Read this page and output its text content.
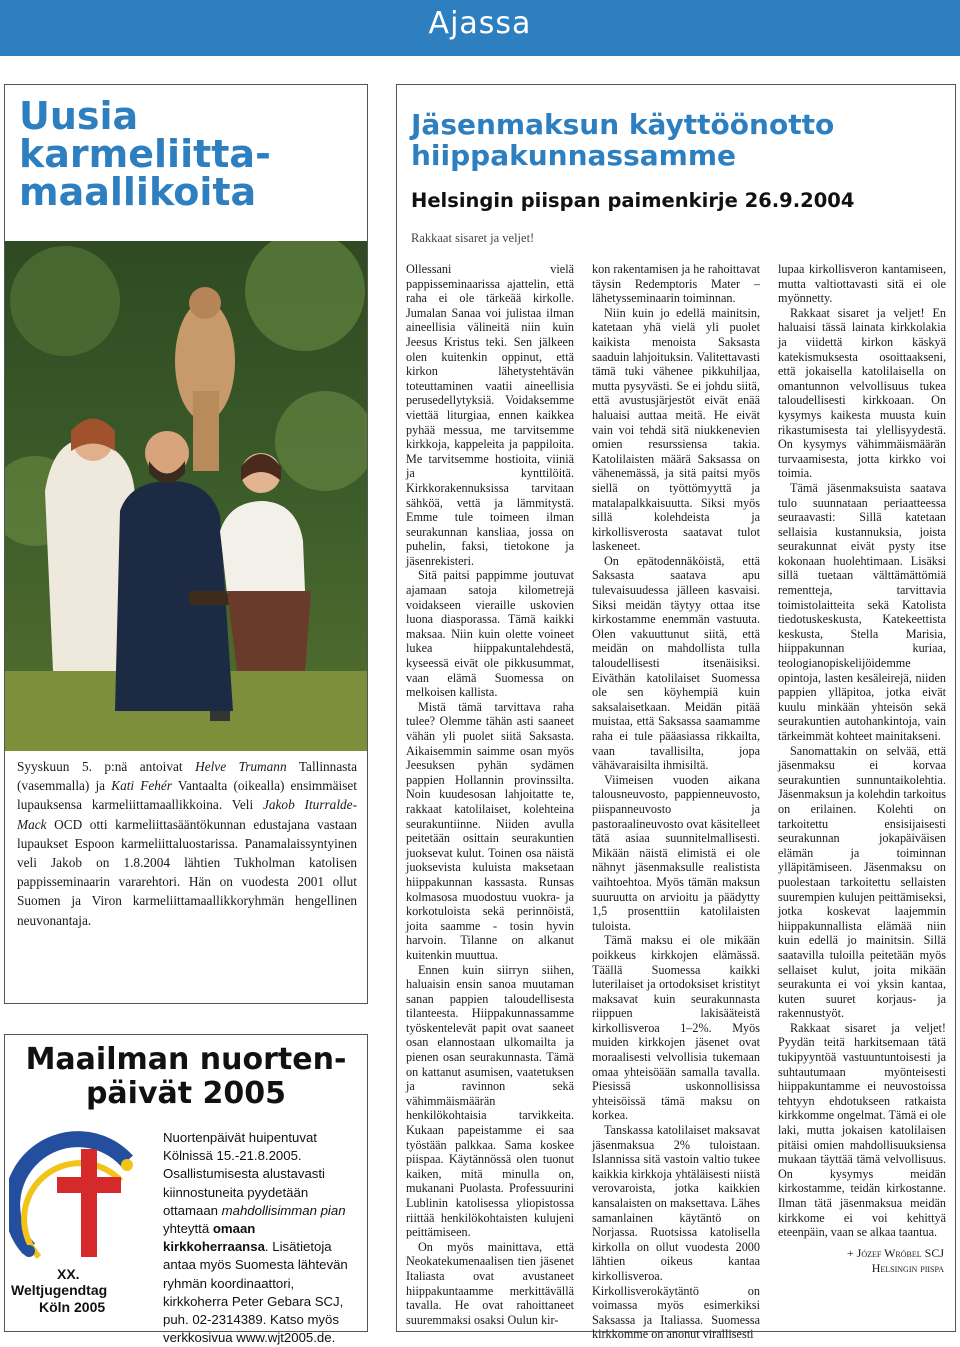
Ajassa
Uusia
karmeliitta-
maallikoita

Syyskuun 5. p:nä antoivat Helve Trumann Tallinnasta (vasemmalla) ja Kati Fehér Vantaalta (oikealla) ensimmäiset lupauksensa karmeliittamaallikkoina. Veli Jakob Iturralde-Mack OCD otti karmeliittasääntökunnan edustajana vastaan lupaukset Espoon karmeliittaluostarissa. Panamalaissyntyinen veli Jakob on 1.8.2004 lähtien Tukholman katolisen pappisseminaarin vararehtori. Hän on vuodesta 2001 ollut Suomen ja Viron karmeliittamaallikkoryhmän hengellinen neuvonantaja.

Maailman nuorten-
päivät 2005
XX.
Weltjugendtag
Köln 2005

Nuortenpäivät huipentuvat Kölnissä 15.-21.8.2005. Osallistumisesta alustavasti kiinnostuneita pyydetään ottamaan mahdollisimman pian yhteyttä omaan kirkkoherraansa. Lisätietoja antaa myös Suomesta lähtevän ryhmän koordinaattori, kirkkoherra Peter Gebara SCJ, puh. 02-2314389. Katso myös verkkosivua www.wjt2005.de.

Jäsenmaksun käyttöönotto
hiippakunnassamme
Helsingin piispan paimenkirje 26.9.2004

Rakkaat sisaret ja veljet!

Ollessani vielä pappisseminaarissa ajattelin, että raha ei ole tärkeää kirkolle. Jumalan Sanaa voi julistaa ilman aineellisia välineitä niin kuin Jeesus Kristus teki. Sen jälkeen olen kuitenkin oppinut, että kirkon lähetystehtävän toteuttaminen vaatii aineellisia perusedellytyksiä. Voidaksemme viettää liturgiaa, ennen kaikkea pyhää messua, me tarvitsemme kirkkoja, kappeleita ja pappiloita. Me tarvitsemme hostioita, viiniä ja kynttilöitä. Kirkkorakennuksissa tarvitaan sähköä, vettä ja lämmitystä. Emme tule toimeen ilman seurakunnan kansliaa, jossa on puhelin, faksi, tietokone ja jäsenrekisteri.

Sitä paitsi pappimme joutuvat ajamaan satoja kilometrejä voidakseen vieraille uskovien luona diasporassa. Tämä kaikki maksaa. Niin kuin olette voineet lukea hiippakuntalehdestä, kyseessä eivät ole pikkusummat, vaan elämä Suomessa on melkoisen kallista.

Mistä tämä tarvittava raha tulee? Olemme tähän asti saaneet vähän yli puolet siitä Saksasta. Aikaisemmin saimme osan myös Jeesuksen pyhän sydämen pappien Hollannin provinssilta. Noin kuudesosan lahjoitatte te, rakkaat katolilaiset, kolehteina seurakuntiinne. Niiden avulla peitetään osittain seurakuntien juoksevat kulut. Toinen osa näistä juoksevista kuluista maksetaan hiippakunnan kassasta. Runsas kolmasosa muodostuu vuokra- ja korkotuloista sekä perinnöistä, joita saamme - tosin hyvin harvoin. Tilanne on alkanut kuitenkin muuttua.

Ennen kuin siirryn siihen, haluaisin ensin sanoa muutaman sanan pappien taloudellisesta tilanteesta. Hiippakunnassamme työskentelevät papit ovat saaneet osan elannostaan ulkomailta ja pienen osan seurakunnasta. Tämä on kattanut asumisen, vaatetuksen ja ravinnon sekä vähimmäismäärän henkilökohtaisia tarvikkeita. Kukaan papeistamme ei saa työstään palkkaa. Sama koskee piispaa. Käytännössä olen tuonut kaiken, mitä minulla on, mukanani Puolasta. Professuurini Lublinin katolisessa yliopistossa riittää henkilökohtaisten kulujeni peittämiseen.

On myös mainittava, että Neokatekumenaalisen tien jäsenet Italiasta ovat avustaneet hiippakuntaamme merkittävällä tavalla. He ovat rahoittaneet suuremmaksi osaksi Oulun kir-

kon rakentamisen ja he rahoittavat täysin Redemptoris Mater –lähetysseminaarin toiminnan.

Niin kuin jo edellä mainitsin, katetaan yhä vielä yli puolet kaikista menoista Saksasta saaduin lahjoituksin. Valitettavasti tämä tuki vähenee pikkuhiljaa, mutta pysyvästi. Se ei johdu siitä, että avustusjärjestöt eivät enää haluaisi auttaa meitä. He eivät vain voi tehdä sitä niukkenevien omien resurssiensa takia. Katolilaisten määrä Saksassa on vähenemässä, ja sitä paitsi myös siellä on työttömyyttä ja matalapalkkaisuutta. Siksi myös sillä kolehdeista ja kirkollisverosta saatavat tulot laskeneet.

On epätodennäköistä, että Saksasta saatava apu tulevaisuudessa jälleen kasvaisi. Siksi meidän täytyy ottaa itse kirkostamme enemmän vastuuta. Olen vakuuttunut siitä, että meidän on mahdollista tulla taloudellisesti itsenäisiksi. Eiväthän katolilaiset Suomessa ole sen köyhempiä kuin saksalaisetkaan. Meidän pitää muistaa, että Saksassa saamamme raha ei tule pääasiassa rikkailta, vaan tavallisilta, jopa vähävaraisilta ihmisiltä.

Viimeisen vuoden aikana talousneuvosto, pappienneuvosto, piispanneuvosto ja pastoraalineuvosto ovat käsitelleet tätä asiaa suunnitelmallisesti. Mikään näistä elimistä ei ole nähnyt jäsenmaksulle realistista vaihtoehtoa. Myös tämän maksun suuruutta on arvioitu ja päädytty 1,5 prosenttiin katolilaisten tuloista.

Tämä maksu ei ole mikään poikkeus kirkkojen elämässä. Täällä Suomessa kaikki luterilaiset ja ortodoksiset kristityt maksavat kuin seurakunnasta riippuen lakisääteistä kirkollisveroa 1–2%. Myös muiden kirkkojen jäsenet ovat moraalisesti velvollisia tukemaan omaa yhteisöään samalla tavalla. Piesissä uskonnollisissa yhteisöissä tämä maksu on korkea.

Tanskassa katolilaiset maksavat jäsenmaksua 2% tuloistaan. Islannissa sitä vastoin valtio tukee kaikkia kirkkoja yhtäläisesti niistä verovaroista, jotka kaikkien kansalaisten on maksettava. Lähes samanlainen käytäntö on Norjassa. Ruotsissa katolisella kirkolla on ollut vuodesta 2000 lähtien oikeus kantaa kirkollisveroa. Kirkollisverokäytäntö on voimassa myös esimerkiksi Saksassa ja Italiassa. Suomessa kirkkomme on anonut virallisesti

lupaa kirkollisveron kantamiseen, mutta valtiottavasti sitä ei ole myönnetty.

Rakkaat sisaret ja veljet! En haluaisi tässä lainata kirkkolakia ja viidettä kirkon käskyä katekismuksesta osoittaakseni, että jokaisella katolilaisella on omantunnon velvollisuus tukea taloudellisesti kirkkoaan. On kysymys kaikesta muusta kuin rikastumisesta tai ylellisyydestä. On kysymys vähimmäismäärän turvaamisesta, jotta kirkko voi toimia.

Tämä jäsenmaksuista saatava tulo suunnataan periaatteessa seuraavasti: Sillä katetaan sellaisia kustannuksia, joista seurakunnat eivät pysty itse kokonaan huolehtimaan. Lisäksi sillä tuetaan välttämättömiä rementteja, tarvittavia toimistolaitteita sekä Katolista tiedotuskeskusta, Katekeettista keskusta, Stella Marisia, hiippakunnan kuriaa, teologianopiskelijöidemme opintoja, lasten kesäleirejä, niiden pappien ylläpitoa, jotka eivät kuulu minkään yhteisön sekä seurakuntien autohankintoja, vain tärkeimmät kohteet mainitakseni.

Sanomattakin on selvää, että jäsenmaksu ei korvaa seurakuntien sunnuntaikolehtia. Jäsenmaksun ja kolehdin tarkoitus on erilainen. Kolehti on tarkoitettu ensisijaisesti seurakunnan jokapäiväisen elämän ja toiminnan ylläpitämiseen. Jäsenmaksu on puolestaan tarkoitettu sellaisten suurempien kulujen peittämiseksi, jotka koskevat laajemmin hiippakunnallista elämää niin kuin edellä jo mainitsin. Sillä saatavilla tuloilla peitetään myös sellaiset kulut, joita mikään seurakunta ei voi yksin kantaa, kuten suuret korjaus- ja rakennustyöt.

Rakkaat sisaret ja veljet! Pyydän teitä harkitsemaan tätä tukipyyntöä vastuuntuntoisesti ja suhtautumaan myönteisesti hiippakuntamme ei neuvostoissa tehtyyn ehdotukseen ratkaista kirkkomme ongelmat. Tämä ei ole laki, mutta jokaisen katolilaisen pitäisi omien mahdollisuuksiensa mukaan täyttää tämä velvollisuus. On kysymys meidän kirkostamme, teidän kirkostanne. Ilman tätä jäsenmaksua meidän kirkkome ei voi kehittyä eteenpäin, vaan se alkaa taantua.

+ Józef Wróbel SCJ
Helsingin piispa
